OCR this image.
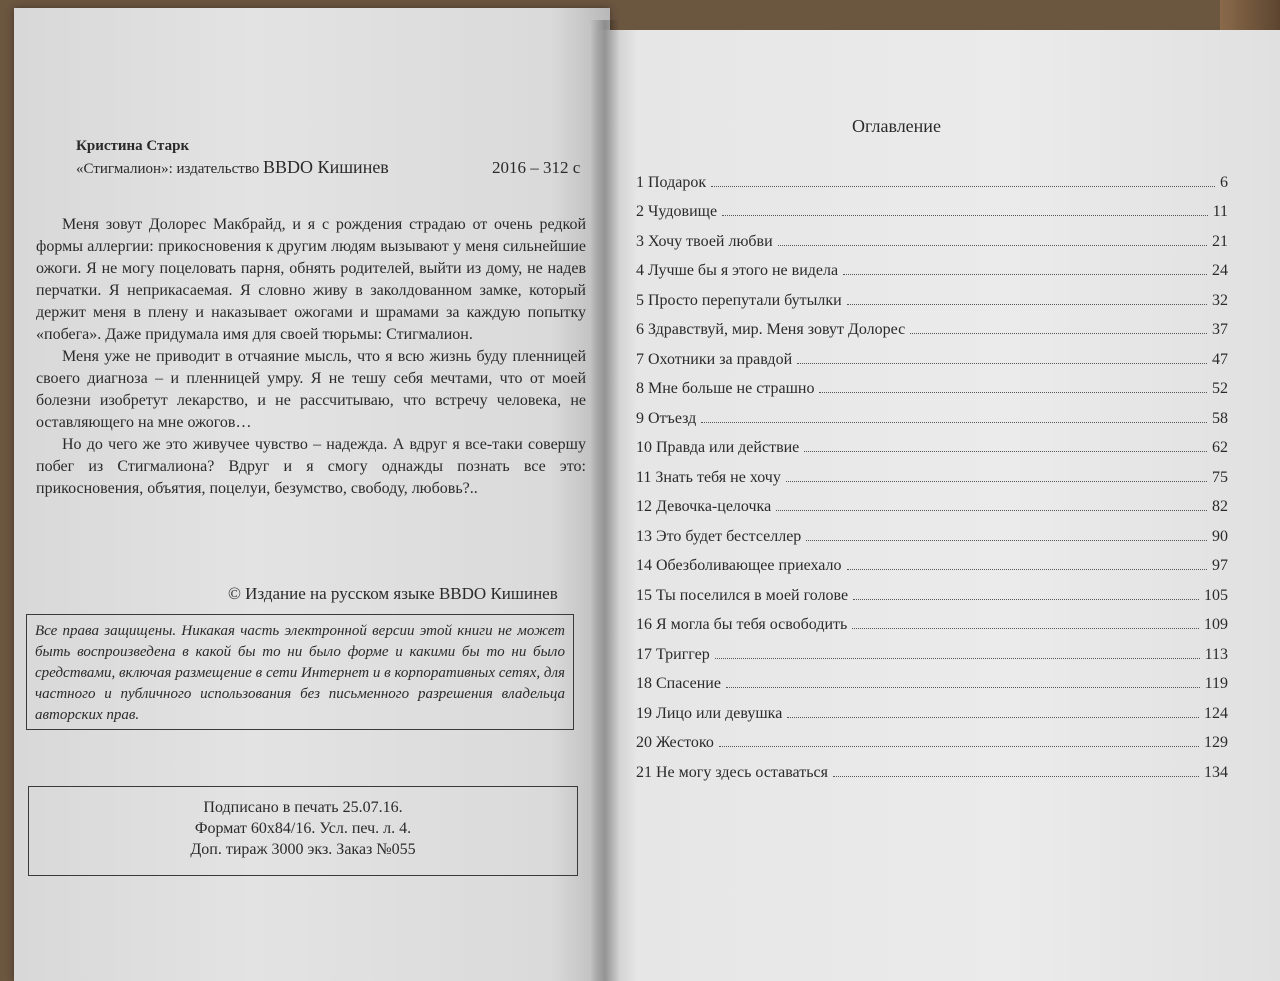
Кристина Старк
«Стигмалион»: издательство BBDO Кишинев	2016 – 312 с

Меня зовут Долорес Макбрайд, и я с рождения страдаю от очень редкой формы аллергии: прикосновения к другим людям вызывают у меня сильнейшие ожоги. Я не могу поцеловать парня, обнять родителей, выйти из дому, не надев перчатки. Я неприкасаемая. Я словно живу в заколдованном замке, который держит меня в плену и наказывает ожогами и шрамами за каждую попытку «побега». Даже придумала имя для своей тюрьмы: Стигмалион.

Меня уже не приводит в отчаяние мысль, что я всю жизнь буду пленницей своего диагноза – и пленницей умру. Я не тешу себя мечтами, что от моей болезни изобретут лекарство, и не рассчитываю, что встречу человека, не оставляющего на мне ожогов…

Но до чего же это живучее чувство – надежда. А вдруг я все-таки совершу побег из Стигмалиона? Вдруг и я смогу однажды познать все это: прикосновения, объятия, поцелуи, безумство, свободу, любовь?..

© Издание на русском языке BBDO Кишинев
Все права защищены. Никакая часть электронной версии этой книги не может быть воспроизведена в какой бы то ни было форме и какими бы то ни было средствами, включая размещение в сети Интернет и в корпоративных сетях, для частного и публичного использования без письменного разрешения владельца авторских прав.
Подписано в печать 25.07.16.
Формат 60х84/16. Усл. печ. л. 4.
Доп. тираж 3000 экз. Заказ №055
Оглавление
1 Подарок	6
2 Чудовище	11
3 Хочу твоей любви	21
4 Лучше бы я этого не видела	24
5 Просто перепутали бутылки	32
6 Здравствуй, мир. Меня зовут Долорес	37
7 Охотники за правдой	47
8 Мне больше не страшно	52
9 Отъезд	58
10 Правда или действие	62
11 Знать тебя не хочу	75
12 Девочка-целочка	82
13 Это будет бестселлер	90
14 Обезболивающее приехало	97
15 Ты поселился в моей голове	105
16 Я могла бы тебя освободить	109
17 Триггер	113
18 Спасение	119
19 Лицо или девушка	124
20 Жестоко	129
21 Не могу здесь оставаться	134
